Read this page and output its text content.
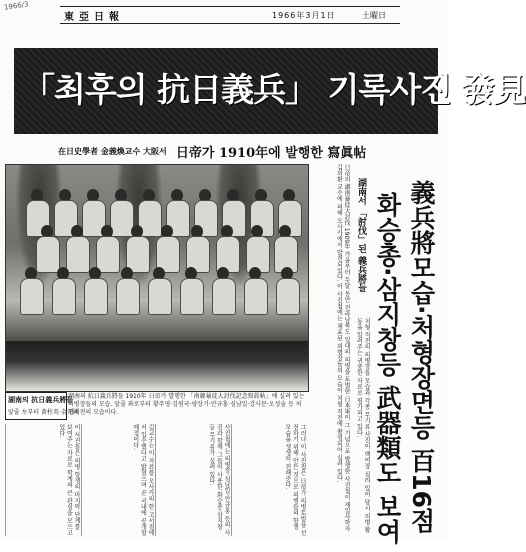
1966/3
東亞日報	1966年3月1日	土曜日
「최후의 抗日義兵」 기록사진 發見
在日史學者 金義煥교수 大阪서 日帝가 1910年에 발행한 寫眞帖
湖南의 抗日義兵將들
앞줄 左부터 黄柱英·金元國
湖南의 抗日義兵將들 1910年 日帝가 발행한 「南韓暴徒大討伐記念寫眞帖」에 실려 있는 의병장들의 모습. 앞줄 좌로부터 황주영·김원국·양상기·안규홍·심남일·강사문·오성술 등 처형직전의 모습이다.
그러나 이 사진첩은 日帝가 의병토벌을 선전하기 위해 만든 것으로 의병들의 항쟁 모습을 생생히 전해준다.
사진첩에는 의병장 심남일·안규홍 등의 사진과 함께 그들이 사용한 화승총·삼지창 등 무기류가 실려 있다.
김교수는 이 자료를 오사카의 한 고서점에서 입수했다고 밝혔으며 곧 국내에 공개할 예정이다.
이 사진들은 의병 항쟁의 마지막 단계를 보여주는 자료로 학계의 큰 관심을 모으고 있다.	日帝의 湖南暴徒大討伐 1909年 가을부터 두달 동안 전라남북도 일대의 의병을 토벌한 日本軍이 그 기념으로 발행한 사진첩이 재일사학자 김의환 교수에 의해 오사카에서 발견되었다. 이 사진첩에는 체포된 의병장들의 모습이 처형 직전에 촬영되어 실려 있다.	湖南서 「討伐」된 義兵將들
처형 직전의 의병장들 모습과 각종 무기류 사진이 백여장 실려 있어 당시 의병 활동을 알려주는 귀중한 자료로 평가되고 있다.	義兵將모습·처형장면등 百16점
화승총·삼지창등 武器類도 보여
